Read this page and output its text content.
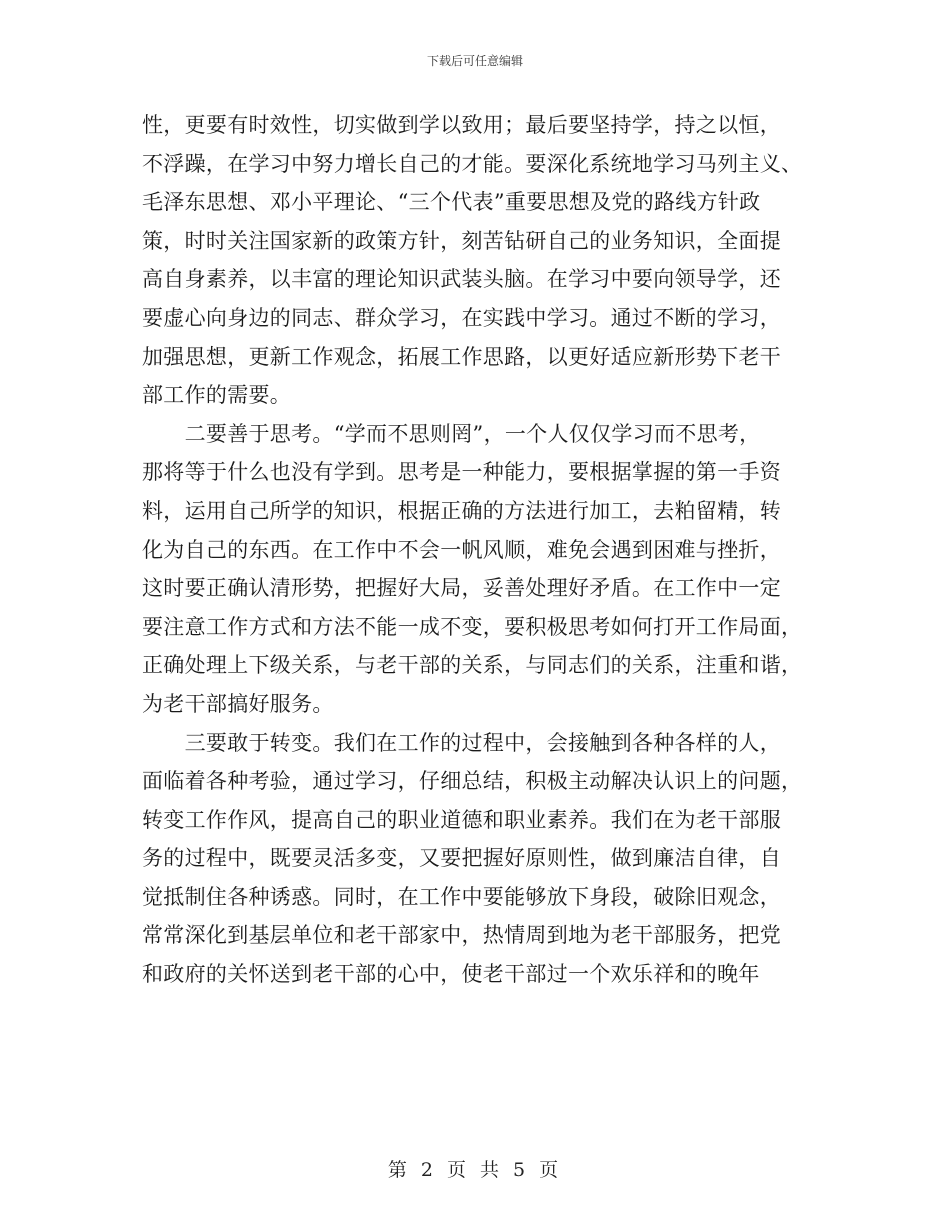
下载后可任意编辑
性，更要有时效性，切实做到学以致用；最后要坚持学，持之以恒，
不浮躁，在学习中努力增长自己的才能。要深化系统地学习马列主义、
毛泽东思想、邓小平理论、“三个代表”重要思想及党的路线方针政
策，时时关注国家新的政策方针，刻苦钻研自己的业务知识，全面提
高自身素养，以丰富的理论知识武装头脑。在学习中要向领导学，还
要虚心向身边的同志、群众学习，在实践中学习。通过不断的学习，
加强思想，更新工作观念，拓展工作思路，以更好适应新形势下老干
部工作的需要。
　　二要善于思考。“学而不思则罔”，一个人仅仅学习而不思考，
那将等于什么也没有学到。思考是一种能力，要根据掌握的第一手资
料，运用自己所学的知识，根据正确的方法进行加工，去粕留精，转
化为自己的东西。在工作中不会一帆风顺，难免会遇到困难与挫折，
这时要正确认清形势，把握好大局，妥善处理好矛盾。在工作中一定
要注意工作方式和方法不能一成不变，要积极思考如何打开工作局面，
正确处理上下级关系，与老干部的关系，与同志们的关系，注重和谐，
为老干部搞好服务。
　　三要敢于转变。我们在工作的过程中，会接触到各种各样的人，
面临着各种考验，通过学习，仔细总结，积极主动解决认识上的问题，
转变工作作风，提高自己的职业道德和职业素养。我们在为老干部服
务的过程中，既要灵活多变，又要把握好原则性，做到廉洁自律，自
觉抵制住各种诱惑。同时，在工作中要能够放下身段，破除旧观念，
常常深化到基层单位和老干部家中，热情周到地为老干部服务，把党
和政府的关怀送到老干部的心中，使老干部过一个欢乐祥和的晚年
第 2 页 共 5 页
